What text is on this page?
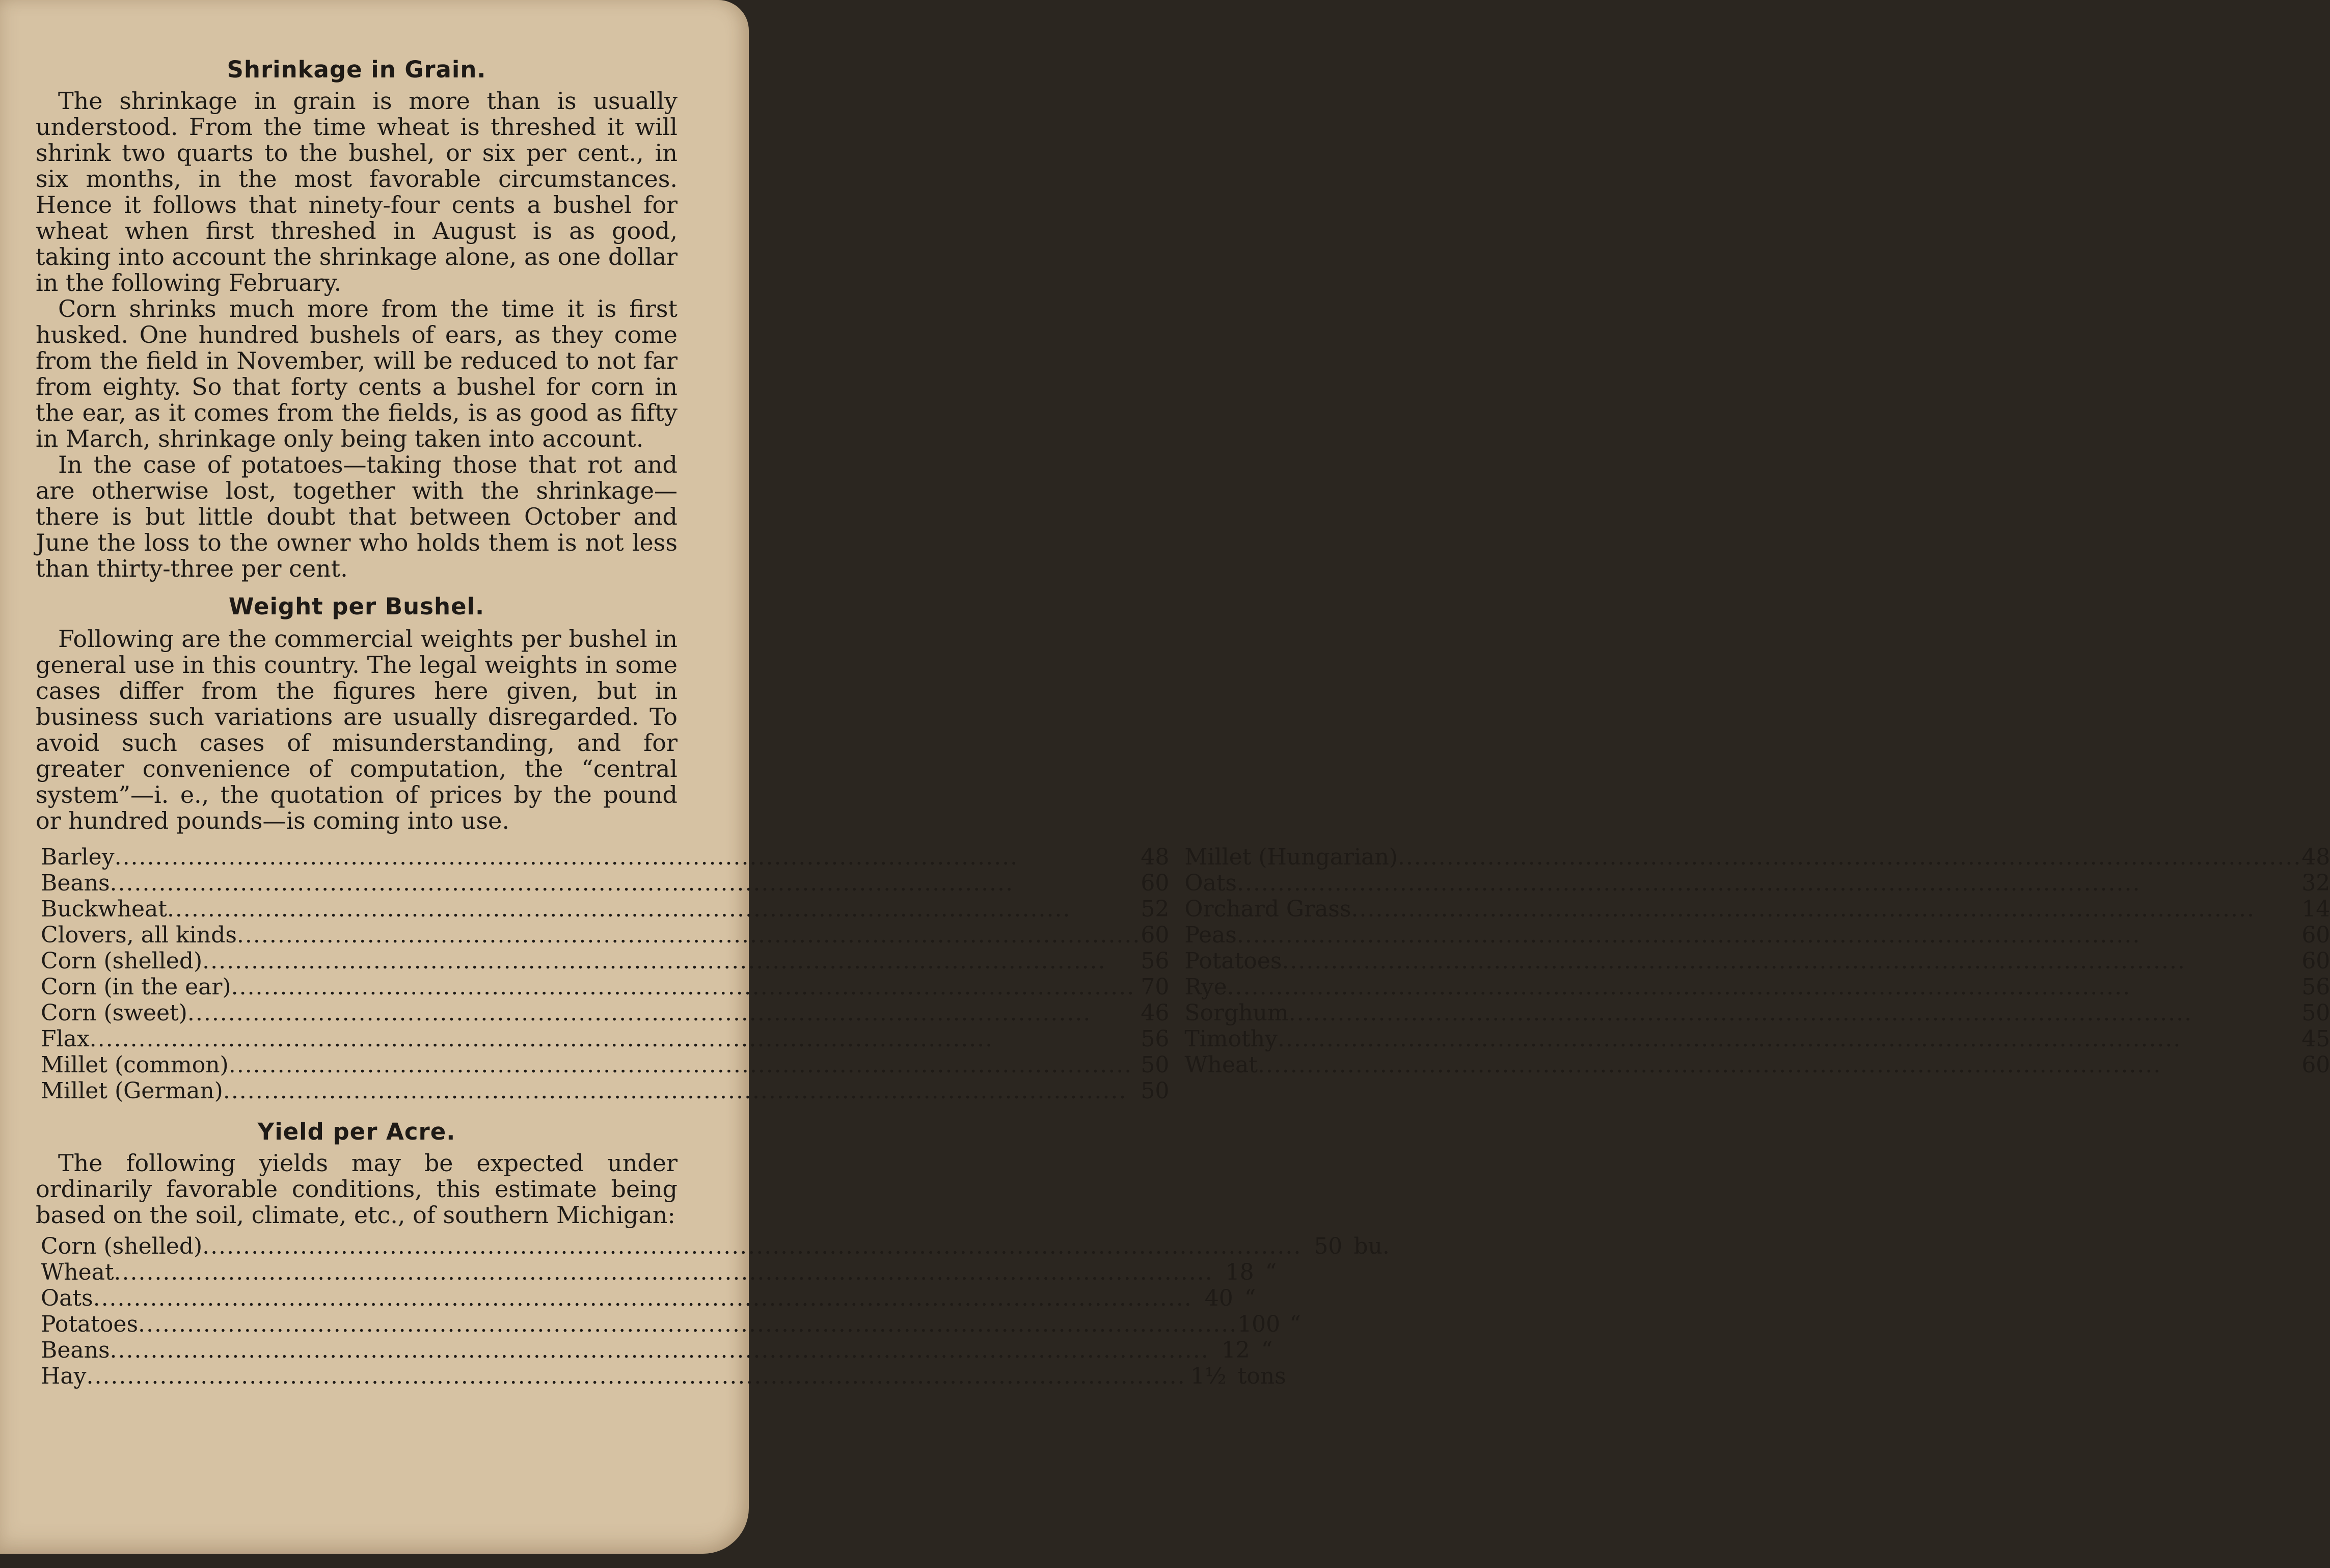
Shrinkage in Grain.

The shrinkage in grain is more than is usually understood. From the time wheat is threshed it will shrink two quarts to the bushel, or six per cent., in six months, in the most favorable circumstances. Hence it follows that ninety-four cents a bushel for wheat when first threshed in August is as good, taking into account the shrinkage alone, as one dollar in the following February.

Corn shrinks much more from the time it is first husked. One hundred bushels of ears, as they come from the field in November, will be reduced to not far from eighty. So that forty cents a bushel for corn in the ear, as it comes from the fields, is as good as fifty in March, shrinkage only being taken into account.

In the case of potatoes—taking those that rot and are otherwise lost, together with the shrinkage—there is but little doubt that between October and June the loss to the owner who holds them is not less than thirty-three per cent.

Weight per Bushel.

Following are the commercial weights per bushel in general use in this country. The legal weights in some cases differ from the figures here given, but in business such variations are usually disregarded. To avoid such cases of misunderstanding, and for greater convenience of computation, the “central system”—i. e., the quotation of prices by the pound or hundred pounds—is coming into use.

Barley .....	48
Beans .....	60
Buckwheat .....	52
Clovers, all kinds .....	60
Corn (shelled) .....	56
Corn (in the ear) .....	70
Corn (sweet) .....	46
Flax .....	56
Millet (common) .....	50
Millet (German) .....	50
Millet (Hungarian) .....	48
Oats .....	32
Orchard Grass .....	14
Peas .....	60
Potatoes .....	60
Rye .....	56
Sorghum .....	50
Timothy .....	45
Wheat .....	60
Yield per Acre.

The following yields may be expected under ordinarily favorable conditions, this estimate being based on the soil, climate, etc., of southern Michigan:

Corn (shelled) .....	50 bu.
Wheat .....	18 “
Oats .....	40 “
Potatoes .....	100 “
Beans .....	12 “
Hay .....	1½ tons
